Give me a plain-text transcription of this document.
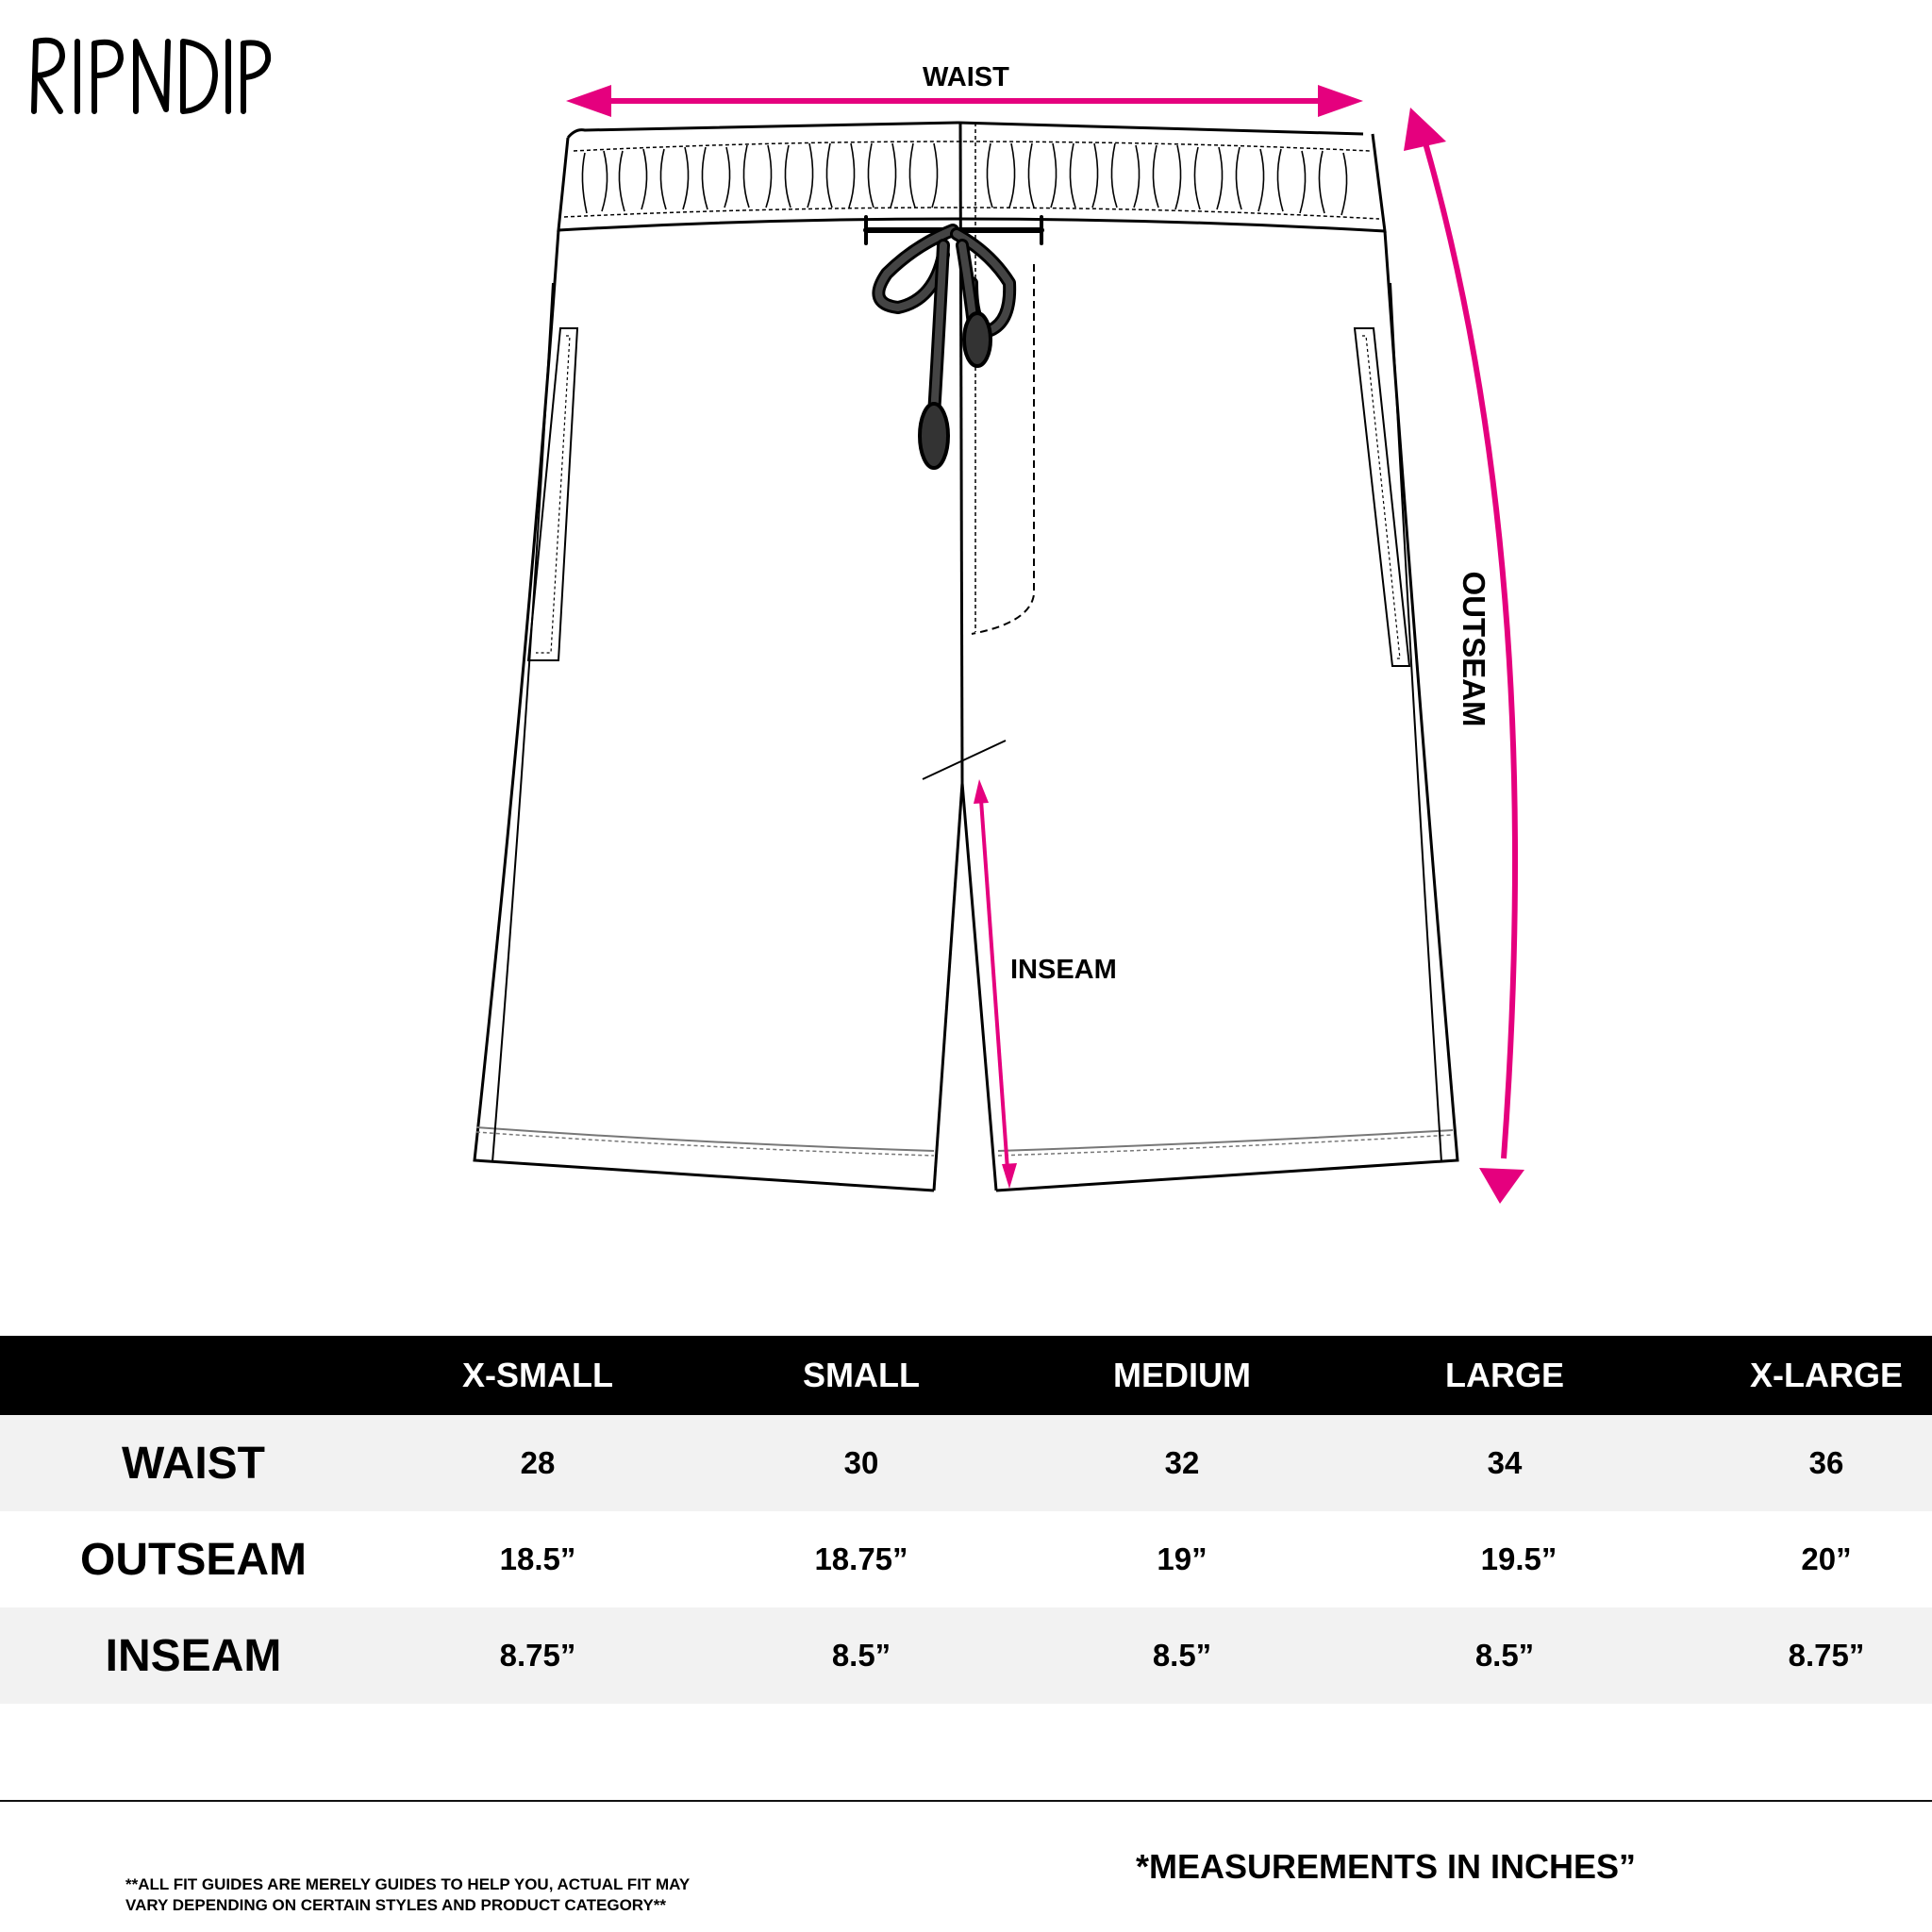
WAIST
INSEAM
OUTSEAM
X-SMALL	SMALL	MEDIUM	LARGE	X-LARGE
WAIST	28	30	32	34	36
OUTSEAM	18.5”	18.75”	19”	19.5”	20”
INSEAM	8.75”	8.5”	8.5”	8.5”	8.75”
**ALL FIT GUIDES ARE MERELY GUIDES TO HELP YOU, ACTUAL FIT MAY
VARY DEPENDING ON CERTAIN STYLES AND PRODUCT CATEGORY**
*MEASUREMENTS IN INCHES”
